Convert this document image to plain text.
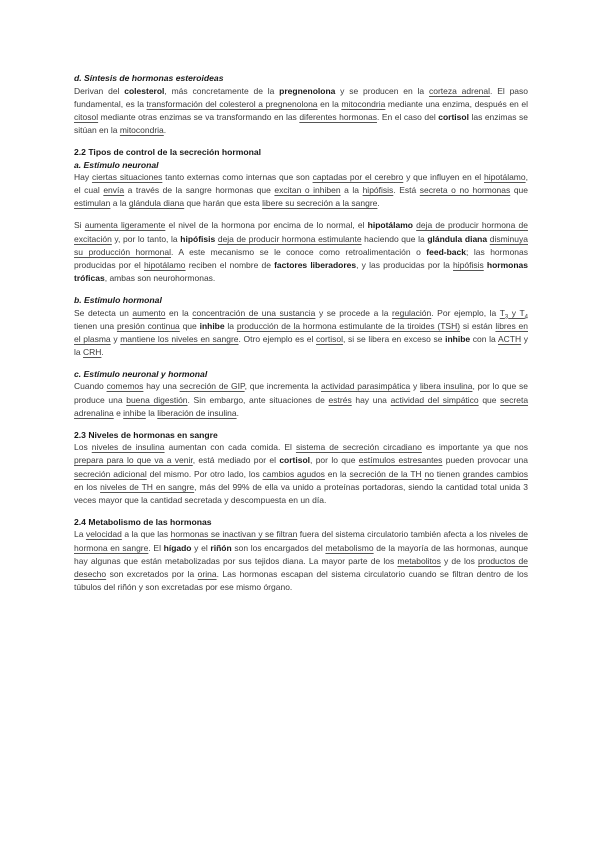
d. Síntesis de hormonas esteroideas

Derivan del colesterol, más concretamente de la pregnenolona y se producen en la corteza adrenal. El paso fundamental, es la transformación del colesterol a pregnenolona en la mitocondria mediante una enzima, después en el citosol mediante otras enzimas se va transformando en las diferentes hormonas. En el caso del cortisol las enzimas se sitúan en la mitocondria.

2.2 Tipos de control de la secreción hormonal
a. Estímulo neuronal

Hay ciertas situaciones tanto externas como internas que son captadas por el cerebro y que influyen en el hipotálamo, el cual envía a través de la sangre hormonas que excitan o inhiben a la hipófisis. Está secreta o no hormonas que estimulan a la glándula diana que harán que esta libere su secreción a la sangre.

Si aumenta ligeramente el nivel de la hormona por encima de lo normal, el hipotálamo deja de producir hormona de excitación y, por lo tanto, la hipófisis deja de producir hormona estimulante haciendo que la glándula diana disminuya su producción hormonal. A este mecanismo se le conoce como retroalimentación o feed-back; las hormonas producidas por el hipotálamo reciben el nombre de factores liberadores, y las producidas por la hipófisis hormonas tróficas, ambas son neurohormonas.

b. Estímulo hormonal

Se detecta un aumento en la concentración de una sustancia y se procede a la regulación. Por ejemplo, la $T_3$ y $T_4$ tienen una presión continua que inhibe la producción de la hormona estimulante de la tiroides (TSH) si están libres en el plasma y mantiene los niveles en sangre. Otro ejemplo es el cortisol, si se libera en exceso se inhibe con la ACTH y la CRH.

c. Estímulo neuronal y hormonal

Cuando comemos hay una secreción de GIP, que incrementa la actividad parasimpática y libera insulina, por lo que se produce una buena digestión. Sin embargo, ante situaciones de estrés hay una actividad del simpático que secreta adrenalina e inhibe la liberación de insulina.

2.3 Niveles de hormonas en sangre

Los niveles de insulina aumentan con cada comida. El sistema de secreción circadiano es importante ya que nos prepara para lo que va a venir, está mediado por el cortisol, por lo que estímulos estresantes pueden provocar una secreción adicional del mismo. Por otro lado, los cambios agudos en la secreción de la TH no tienen grandes cambios en los niveles de TH en sangre, más del 99% de ella va unido a proteínas portadoras, siendo la cantidad total unida 3 veces mayor que la cantidad secretada y descompuesta en un día.

2.4 Metabolismo de las hormonas

La velocidad a la que las hormonas se inactivan y se filtran fuera del sistema circulatorio también afecta a los niveles de hormona en sangre. El hígado y el riñón son los encargados del metabolismo de la mayoría de las hormonas, aunque hay algunas que están metabolizadas por sus tejidos diana. La mayor parte de los metabolitos y de los productos de desecho son excretados por la orina. Las hormonas escapan del sistema circulatorio cuando se filtran dentro de los túbulos del riñón y son excretadas por ese mismo órgano.
